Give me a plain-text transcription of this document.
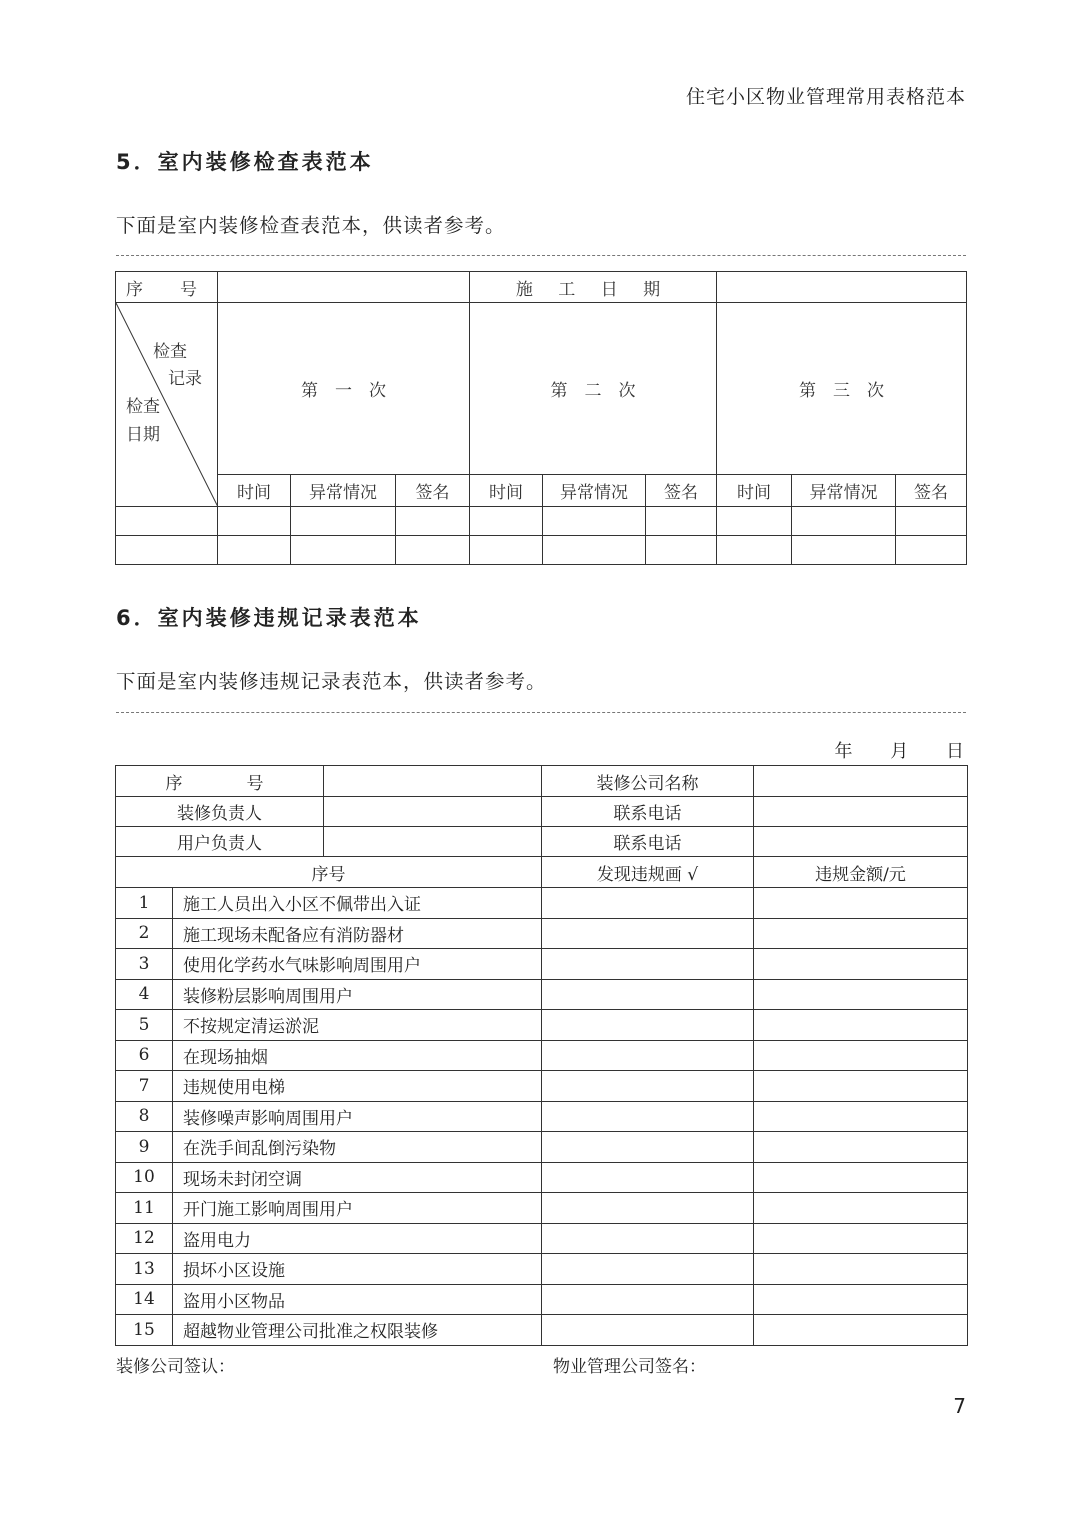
住宅小区物业管理常用表格范本
5．室内装修检查表范本
下面是室内装修检查表范本，供读者参考。
序　号				施 工 日 期					

检查
记录
检查
日期	第　一　次			第　二　次			第　三　次		
	时间	异常情况	签名	时间	异常情况	签名	时间	异常情况	签名

6．室内装修违规记录表范本
下面是室内装修违规记录表范本，供读者参考。
年 月 日
序　　号			装修公司名称	
装修负责人			联系电话	
用户负责人			联系电话	
序号			发现违规画 √	违规金额/元
1	施工人员出入小区不佩带出入证			
2	施工现场未配备应有消防器材			
3	使用化学药水气味影响周围用户			
4	装修粉层影响周围用户			
5	不按规定清运淤泥			
6	在现场抽烟			
7	违规使用电梯			
8	装修噪声影响周围用户			
9	在洗手间乱倒污染物			
10	现场未封闭空调			
11	开门施工影响周围用户			
12	盗用电力			
13	损坏小区设施			
14	盗用小区物品			
15	超越物业管理公司批准之权限装修			
装修公司签认：	物业管理公司签名：
7
